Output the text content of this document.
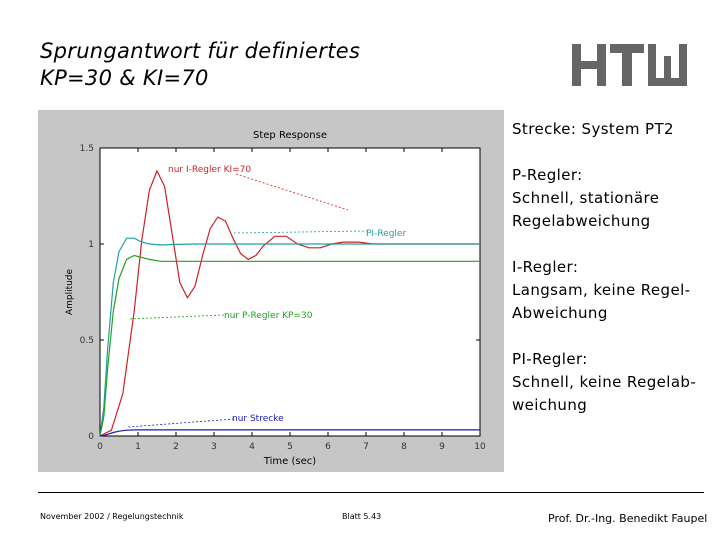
Sprungantwort für definiertes
KP=30 & KI=70
Step Response
0	1	2	3	4	5	6	7	8	9	10
0
0.5
1
1.5
Time (sec)
Amplitude
nur I-Regler KI=70
PI-Regler
nur P-Regler KP=30
nur Strecke
Strecke: System PT2
P-Regler:
Schnell, stationäre
Regelabweichung
I-Regler:
Langsam, keine Regel-
Abweichung
PI-Regler:
Schnell, keine Regelab-
weichung
November 2002 / Regelungstechnik	Blatt 5.43	Prof. Dr.-Ing. Benedikt Faupel
